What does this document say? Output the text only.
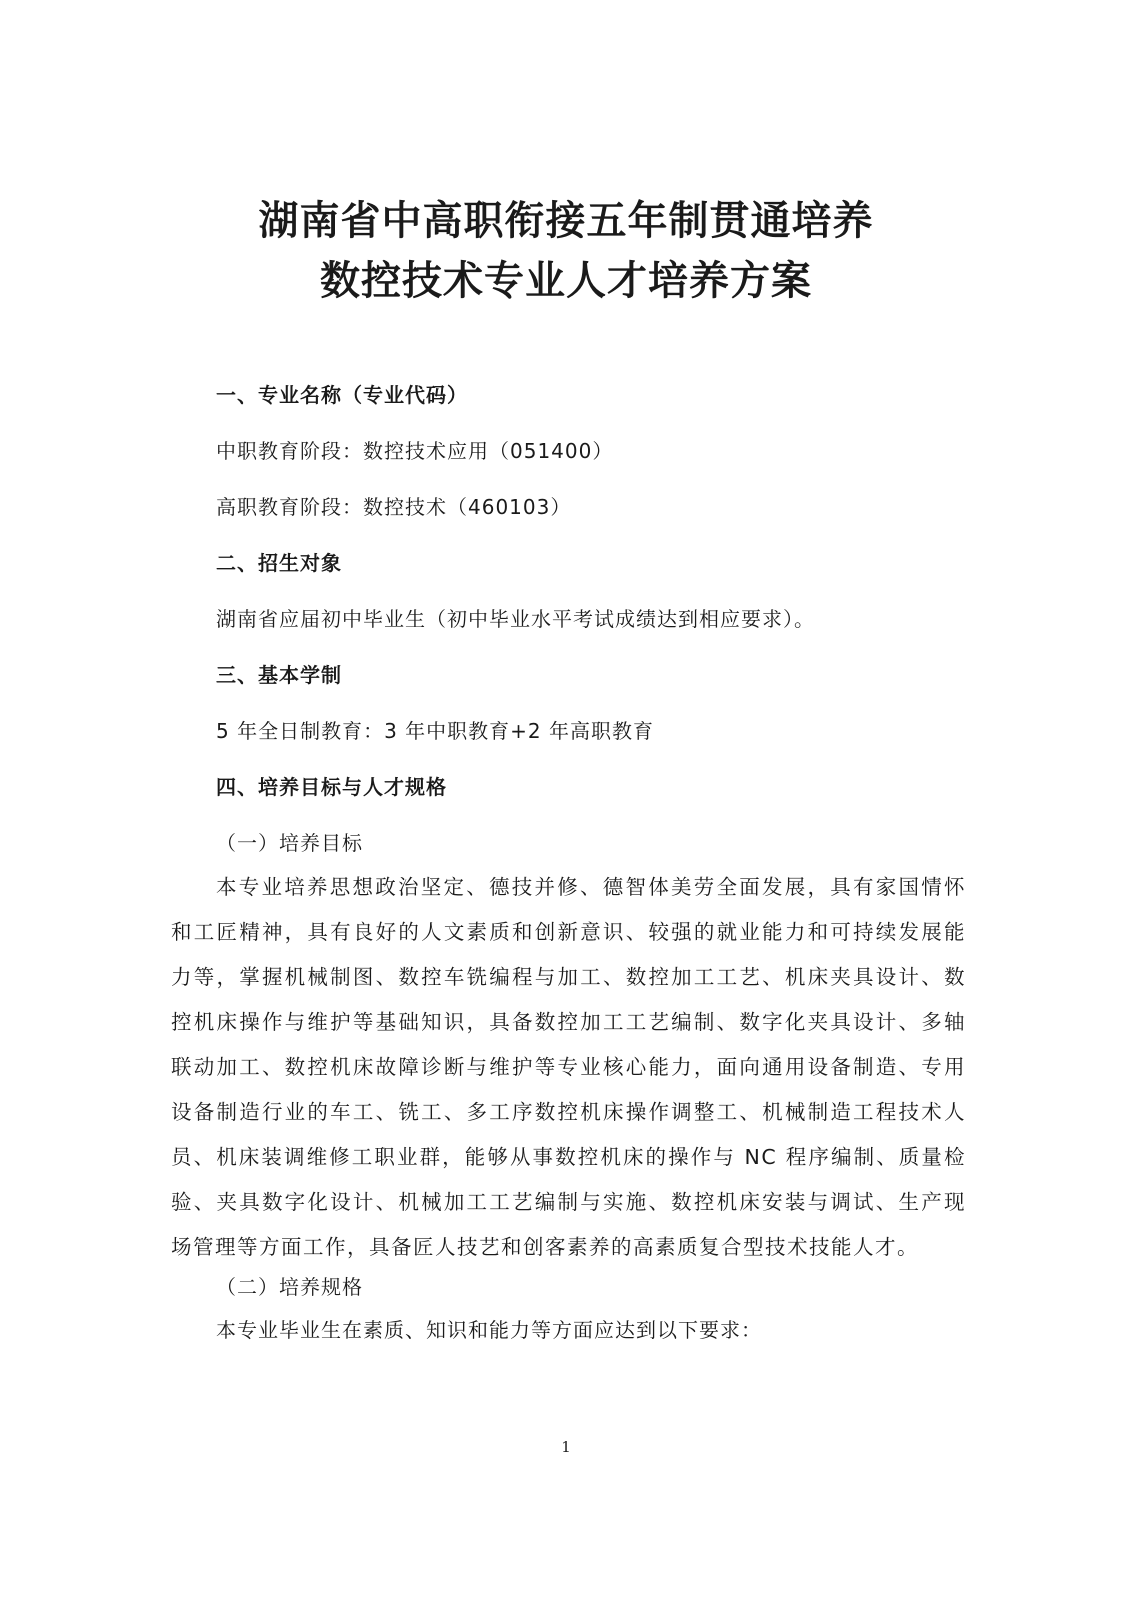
湖南省中高职衔接五年制贯通培养
数控技术专业人才培养方案
一、专业名称（专业代码）
中职教育阶段：数控技术应用（051400）
高职教育阶段：数控技术（460103）
二、招生对象
湖南省应届初中毕业生（初中毕业水平考试成绩达到相应要求）。
三、基本学制
5 年全日制教育：3 年中职教育+2 年高职教育
四、培养目标与人才规格
（一）培养目标
本专业培养思想政治坚定、德技并修、德智体美劳全面发展，具有家国情怀
和工匠精神，具有良好的人文素质和创新意识、较强的就业能力和可持续发展能
力等，掌握机械制图、数控车铣编程与加工、数控加工工艺、机床夹具设计、数
控机床操作与维护等基础知识，具备数控加工工艺编制、数字化夹具设计、多轴
联动加工、数控机床故障诊断与维护等专业核心能力，面向通用设备制造、专用
设备制造行业的车工、铣工、多工序数控机床操作调整工、机械制造工程技术人
员、机床装调维修工职业群，能够从事数控机床的操作与 NC 程序编制、质量检
验、夹具数字化设计、机械加工工艺编制与实施、数控机床安装与调试、生产现
场管理等方面工作，具备匠人技艺和创客素养的高素质复合型技术技能人才。
（二）培养规格
本专业毕业生在素质、知识和能力等方面应达到以下要求：
1
